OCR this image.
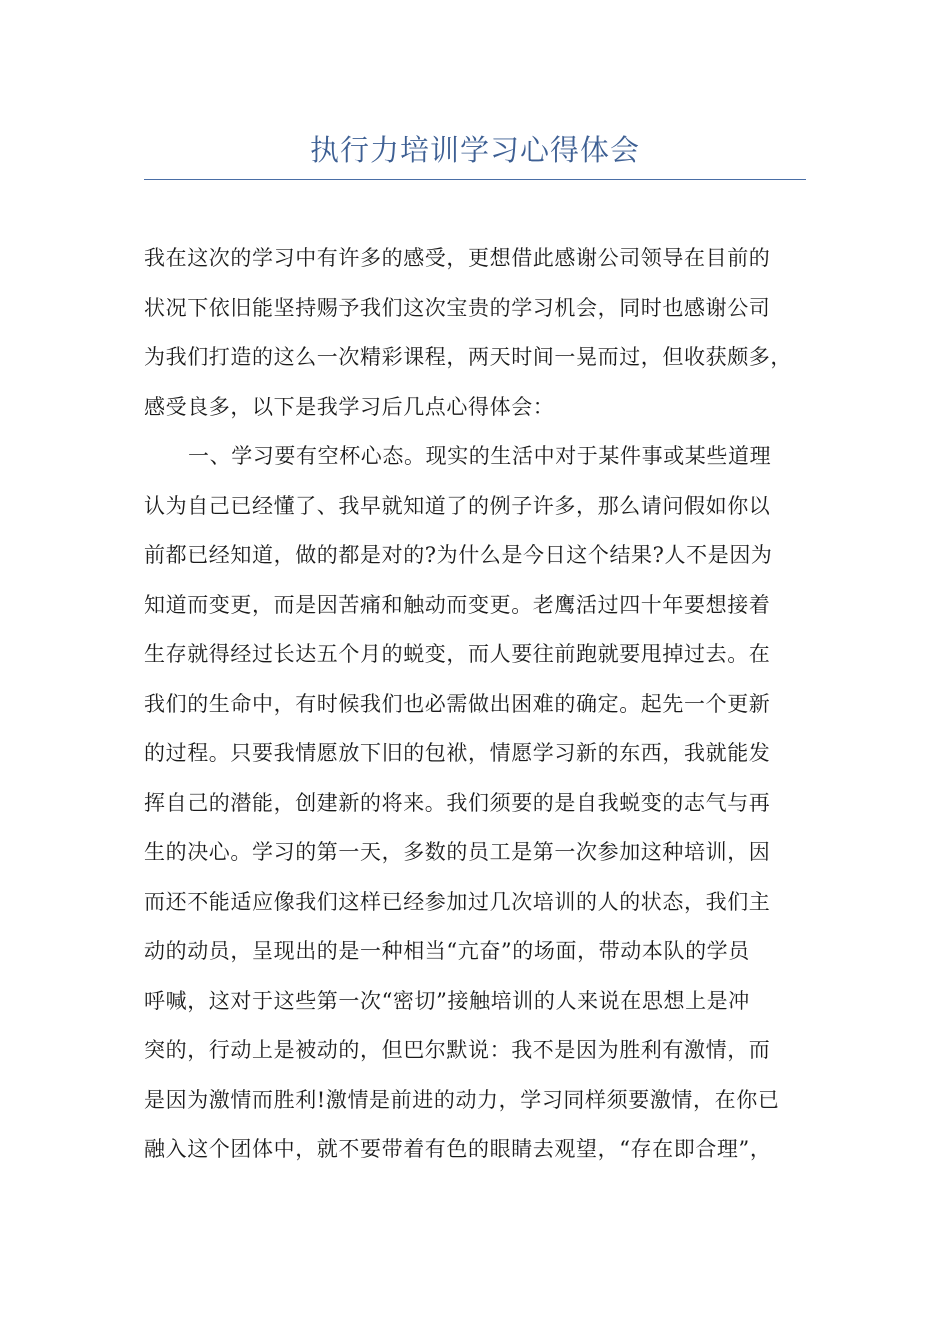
执行力培训学习心得体会
我在这次的学习中有许多的感受，更想借此感谢公司领导在目前的
状况下依旧能坚持赐予我们这次宝贵的学习机会，同时也感谢公司
为我们打造的这么一次精彩课程，两天时间一晃而过，但收获颇多，
感受良多，以下是我学习后几点心得体会：
一、学习要有空杯心态。现实的生活中对于某件事或某些道理
认为自己已经懂了、我早就知道了的例子许多，那么请问假如你以
前都已经知道，做的都是对的?为什么是今日这个结果?人不是因为
知道而变更，而是因苦痛和触动而变更。老鹰活过四十年要想接着
生存就得经过长达五个月的蜕变，而人要往前跑就要甩掉过去。在
我们的生命中，有时候我们也必需做出困难的确定。起先一个更新
的过程。只要我情愿放下旧的包袱，情愿学习新的东西，我就能发
挥自己的潜能，创建新的将来。我们须要的是自我蜕变的志气与再
生的决心。学习的第一天，多数的员工是第一次参加这种培训，因
而还不能适应像我们这样已经参加过几次培训的人的状态，我们主
动的动员，呈现出的是一种相当“亢奋”的场面，带动本队的学员
呼喊，这对于这些第一次“密切”接触培训的人来说在思想上是冲
突的，行动上是被动的，但巴尔默说：我不是因为胜利有激情，而
是因为激情而胜利!激情是前进的动力，学习同样须要激情，在你已
融入这个团体中，就不要带着有色的眼睛去观望，“存在即合理”，
